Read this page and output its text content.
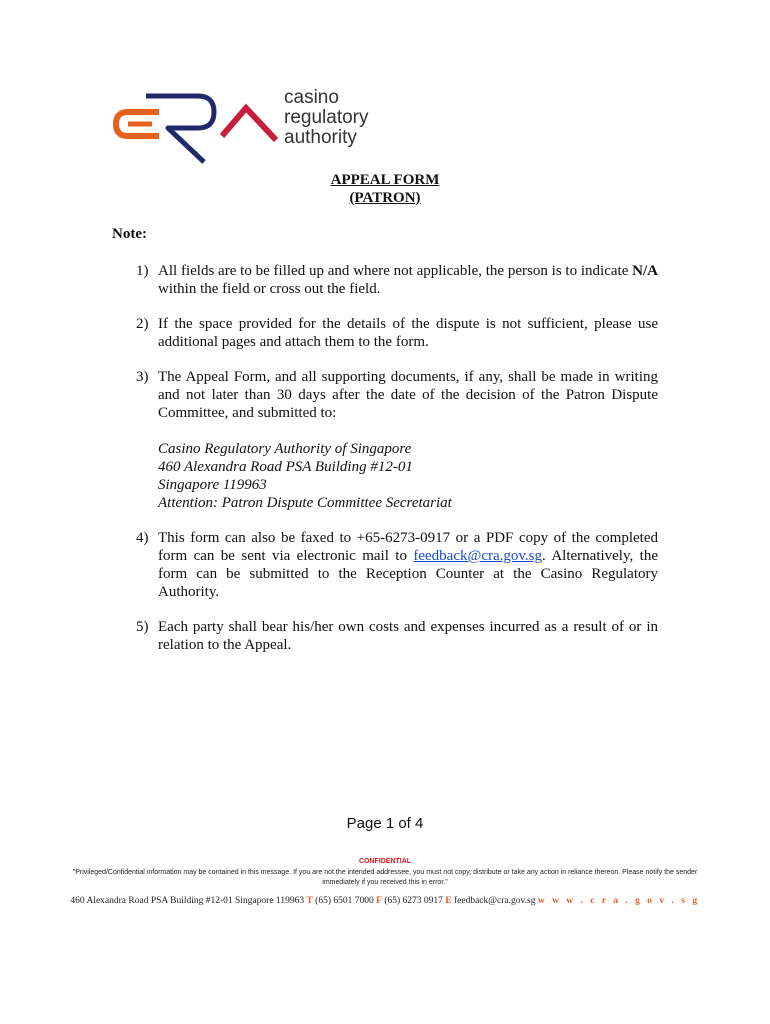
casino
regulatory
authority
APPEAL FORM
(PATRON)
Note:
1) All fields are to be filled up and where not applicable, the person is to indicate N/A within the field or cross out the field.
2) If the space provided for the details of the dispute is not sufficient, please use additional pages and attach them to the form.
3) The Appeal Form, and all supporting documents, if any, shall be made in writing and not later than 30 days after the date of the decision of the Patron Dispute Committee, and submitted to:
Casino Regulatory Authority of Singapore
460 Alexandra Road PSA Building #12-01
Singapore 119963
Attention: Patron Dispute Committee Secretariat
4) This form can also be faxed to +65-6273-0917 or a PDF copy of the completed form can be sent via electronic mail to feedback@cra.gov.sg. Alternatively, the form can be submitted to the Reception Counter at the Casino Regulatory Authority.
5) Each party shall bear his/her own costs and expenses incurred as a result of or in relation to the Appeal.
Page 1 of 4
CONFIDENTIAL
"Privileged/Confidential information may be contained in this message. If you are not the intended addressee, you must not copy, distribute or take any action in reliance thereon. Please notify the sender immediately if you received this in error."
460 Alexandra Road PSA Building #12-01 Singapore 119963 T (65) 6501 7000 F (65) 6273 0917 E feedback@cra.gov.sg w w w . c r a . g o v . s g
